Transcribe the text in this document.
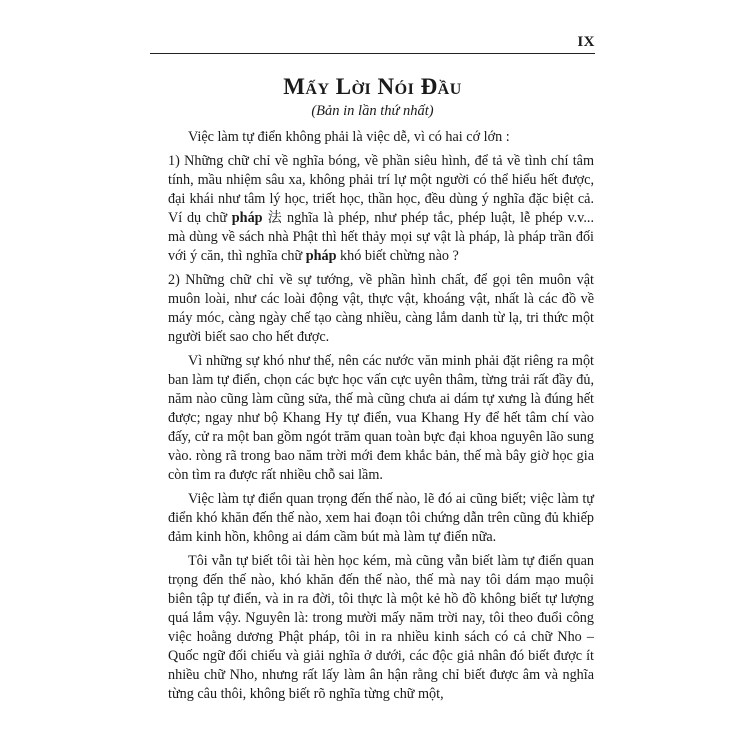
IX
Mấy Lời Nói Đầu
(Bản in lần thứ nhất)

Việc làm tự điển không phải là việc dễ, vì có hai cớ lớn :

1) Những chữ chỉ về nghĩa bóng, về phần siêu hình, để tả về tình chí tâm tính, mầu nhiệm sâu xa, không phải trí lự một người có thể hiểu hết được, đại khái như tâm lý học, triết học, thần học, đều dùng ý nghĩa đặc biệt cả. Ví dụ chữ pháp 法 nghĩa là phép, như phép tắc, phép luật, lễ phép v.v... mà dùng về sách nhà Phật thì hết thảy mọi sự vật là pháp, là pháp trần đối với ý căn, thì nghĩa chữ pháp khó biết chừng nào ?

2) Những chữ chỉ về sự tướng, về phần hình chất, để gọi tên muôn vật muôn loài, như các loài động vật, thực vật, khoáng vật, nhất là các đồ về máy móc, càng ngày chế tạo càng nhiều, càng lắm danh từ lạ, tri thức một người biết sao cho hết được.

Vì những sự khó như thế, nên các nước văn minh phải đặt riêng ra một ban làm tự điển, chọn các bực học vấn cực uyên thâm, từng trải rất đầy đủ, năm nào cũng làm cũng sửa, thế mà cũng chưa ai dám tự xưng là đúng hết được; ngay như bộ Khang Hy tự điển, vua Khang Hy để hết tâm chí vào đấy, cử ra một ban gồm ngót trăm quan toàn bực đại khoa nguyên lão sung vào. ròng rã trong bao năm trời mới đem khắc bản, thế mà bây giờ học gia còn tìm ra được rất nhiều chỗ sai lầm.

Việc làm tự điển quan trọng đến thế nào, lẽ đó ai cũng biết; việc làm tự điển khó khăn đến thế nào, xem hai đoạn tôi chứng dẫn trên cũng đủ khiếp đảm kinh hồn, không ai dám cầm bút mà làm tự điển nữa.

Tôi vẫn tự biết tôi tài hèn học kém, mà cũng vẫn biết làm tự điển quan trọng đến thế nào, khó khăn đến thế nào, thế mà nay tôi dám mạo muội biên tập tự điển, và in ra đời, tôi thực là một kẻ hồ đồ không biết tự lượng quá lắm vậy. Nguyên là: trong mười mấy năm trời nay, tôi theo đuổi công việc hoằng dương Phật pháp, tôi in ra nhiều kinh sách có cả chữ Nho – Quốc ngữ đối chiếu và giải nghĩa ở dưới, các độc giả nhân đó biết được ít nhiều chữ Nho, nhưng rất lấy làm ân hận rằng chỉ biết được âm và nghĩa từng câu thôi, không biết rõ nghĩa từng chữ một,
